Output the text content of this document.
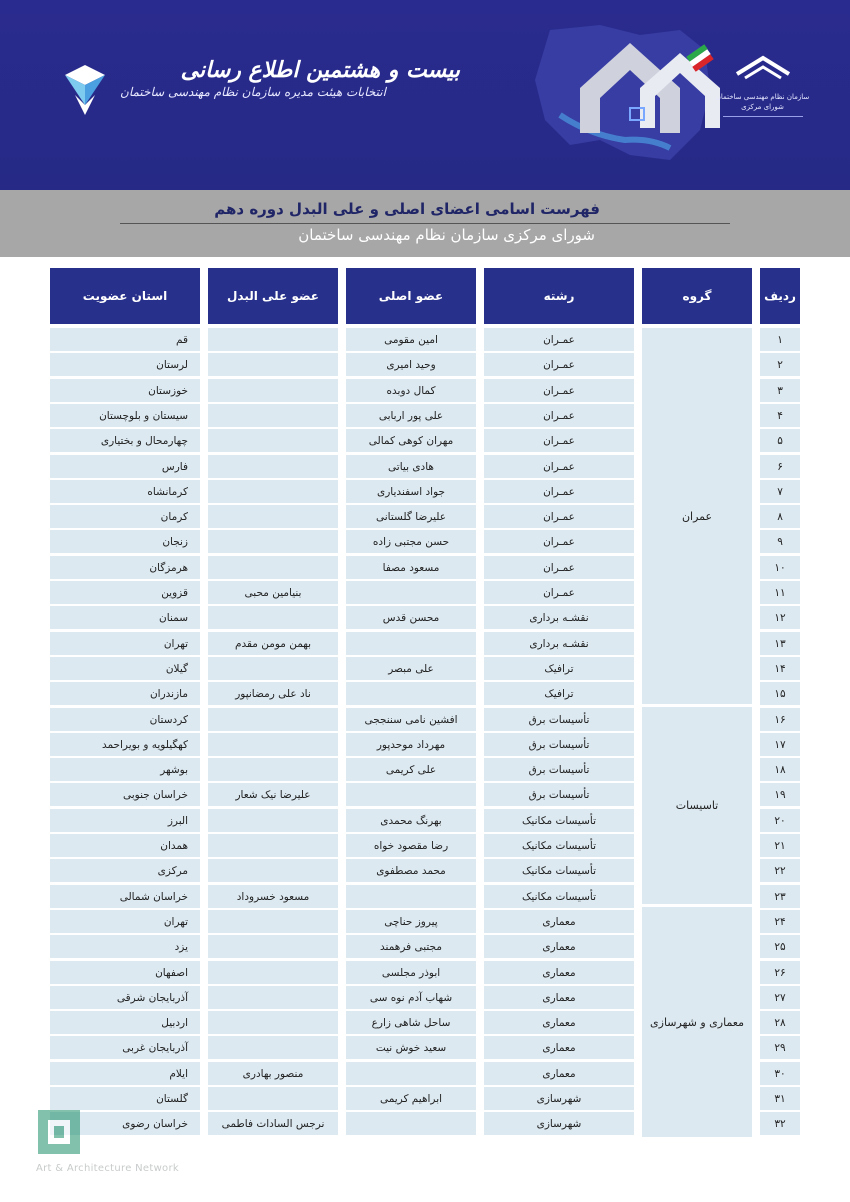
سازمان نظام مهندسی ساختمان
شورای مرکزی
بیست و هشتمین اطلاع رسانی
انتخابات هیئت مدیره سازمان نظام مهندسی ساختمان
فهرست اسامی اعضای اصلی و علی البدل دوره دهم
شورای مرکزی سازمان نظام مهندسی ساختمان
ردیف
گروه
رشته
عضو اصلی
عضو علی البدل
استان عضویت
عمران
تاسیسات
معماری و شهرسازی
۱
عمـران
امین مقومی
قم
۲
عمـران
وحید امیری
لرستان
۳
عمـران
کمال دوبده
خوزستان
۴
عمـران
علی پور اربابی
سیستان و بلوچستان
۵
عمـران
مهران کوهی کمالی
چهارمحال و بختیاری
۶
عمـران
هادی بیاتی
فارس
۷
عمـران
جواد اسفندیاری
کرمانشاه
۸
عمـران
علیرضا گلستانی
کرمان
۹
عمـران
حسن مجتبی زاده
زنجان
۱۰
عمـران
مسعود مصفا
هرمزگان
۱۱
عمـران
بنیامین محبی
قزوین
۱۲
نقشـه برداری
محسن قدس
سمنان
۱۳
نقشـه برداری
بهمن مومن مقدم
تهران
۱۴
ترافیک
علی مبصر
گیلان
۱۵
ترافیک
ناد علی رمضانپور
مازندران
۱۶
تأسیسات برق
افشین نامی سننججی
کردستان
۱۷
تأسیسات برق
مهرداد موحدپور
کهگیلویه و بویراحمد
۱۸
تأسیسات برق
علی کریمی
بوشهر
۱۹
تأسیسات برق
علیرضا نیک شعار
خراسان جنوبی
۲۰
تأسیسات مکانیک
بهرنگ محمدی
البرز
۲۱
تأسیسات مکانیک
رضا مقصود خواه
همدان
۲۲
تأسیسات مکانیک
محمد مصطفوی
مرکزی
۲۳
تأسیسات مکانیک
مسعود خسروداد
خراسان شمالی
۲۴
معماری
پیروز حناچی
تهران
۲۵
معماری
مجتبی فرهمند
یزد
۲۶
معماری
ابوذر مجلسی
اصفهان
۲۷
معماری
شهاب آدم نوه سی
آذربایجان شرقی
۲۸
معماری
ساحل شاهی زارع
اردبیل
۲۹
معماری
سعید خوش نیت
آذربایجان غربی
۳۰
معماری
منصور بهادری
ایلام
۳۱
شهرسازی
ابراهیم کریمی
گلستان
۳۲
شهرسازی
نرجس السادات فاطمی
خراسان رضوی
Art & Architecture Network
